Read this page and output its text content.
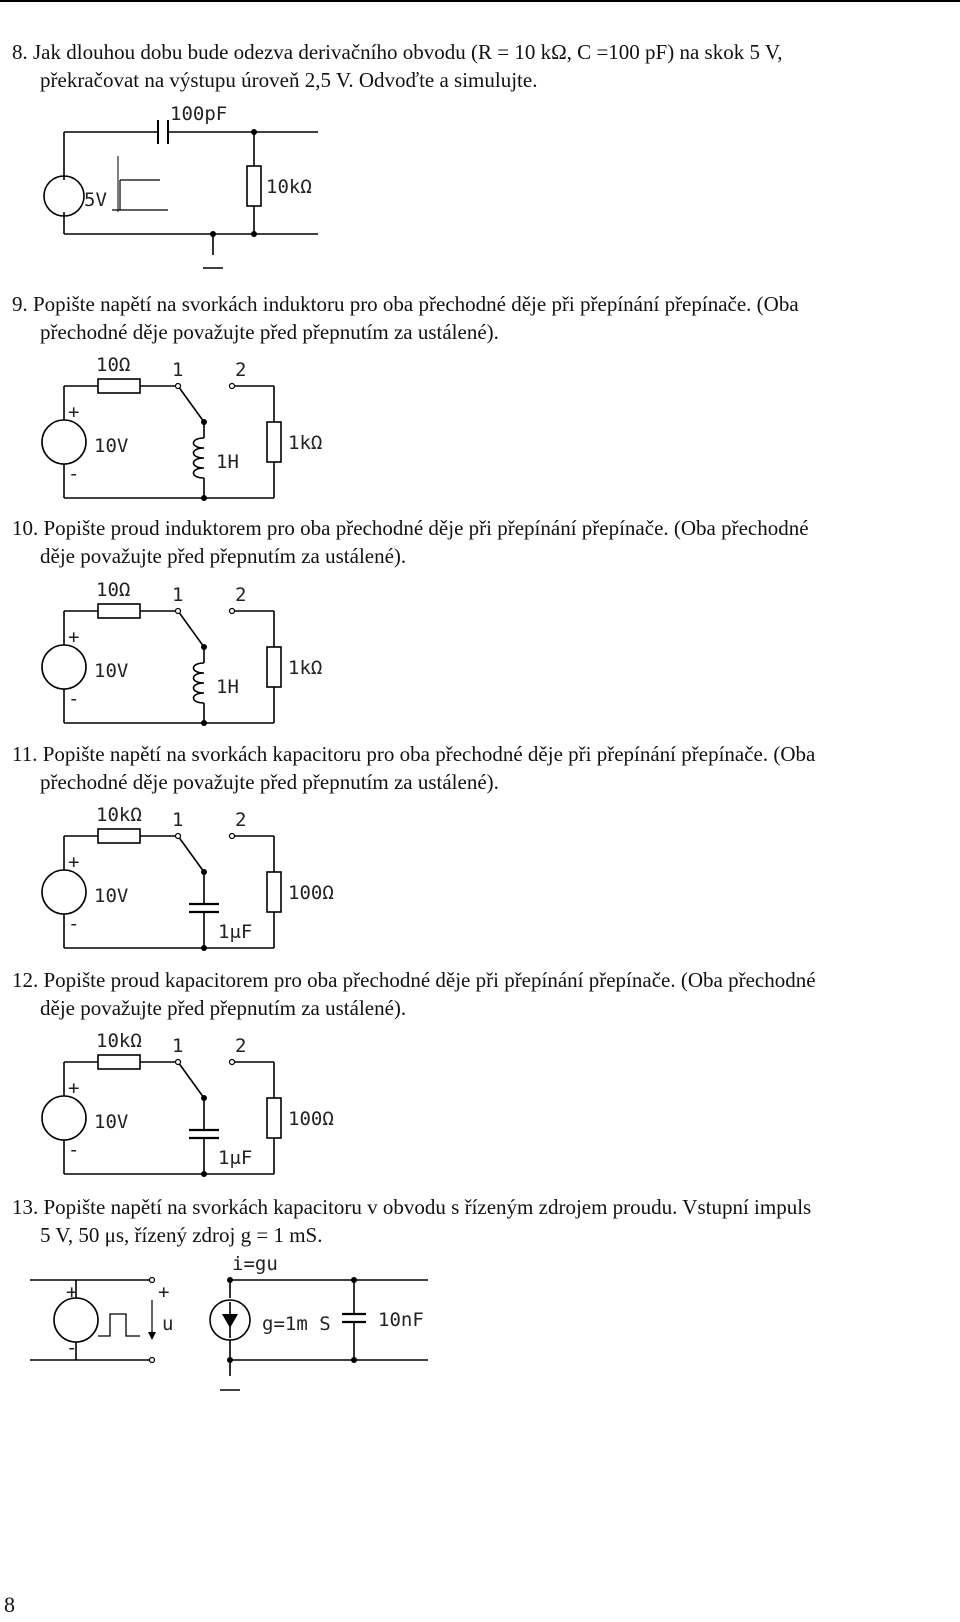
8. Jak dlouhou dobu bude odezva derivačního obvodu (R = 10 kΩ, C =100 pF) na skok 5 V,
překračovat na výstupu úroveň 2,5 V. Odvoďte a simulujte.
100pF
5V
10kΩ
9. Popište napětí na svorkách induktoru pro oba přechodné děje při přepínání přepínače. (Oba
přechodné děje považujte před přepnutím za ustálené).
10Ω 1	2
+
-
10V
1H
1kΩ
10. Popište proud induktorem pro oba přechodné děje při přepínání přepínače. (Oba přechodné
děje považujte před přepnutím za ustálené).
10Ω 1	2
+
-
10V
1H
1kΩ
11. Popište napětí na svorkách kapacitoru pro oba přechodné děje při přepínání přepínače. (Oba
přechodné děje považujte před přepnutím za ustálené).
10kΩ 1	2
+
-
10V
1μF
100Ω
12. Popište proud kapacitorem pro oba přechodné děje při přepínání přepínače. (Oba přechodné
děje považujte před přepnutím za ustálené).
10kΩ 1	2
+
-
10V
1μF
100Ω
13. Popište napětí na svorkách kapacitoru v obvodu s řízeným zdrojem proudu. Vstupní impuls
5 V, 50 μs, řízený zdroj g = 1 mS.
+
-
+
u
i=gu
g=1m S 10nF
8
